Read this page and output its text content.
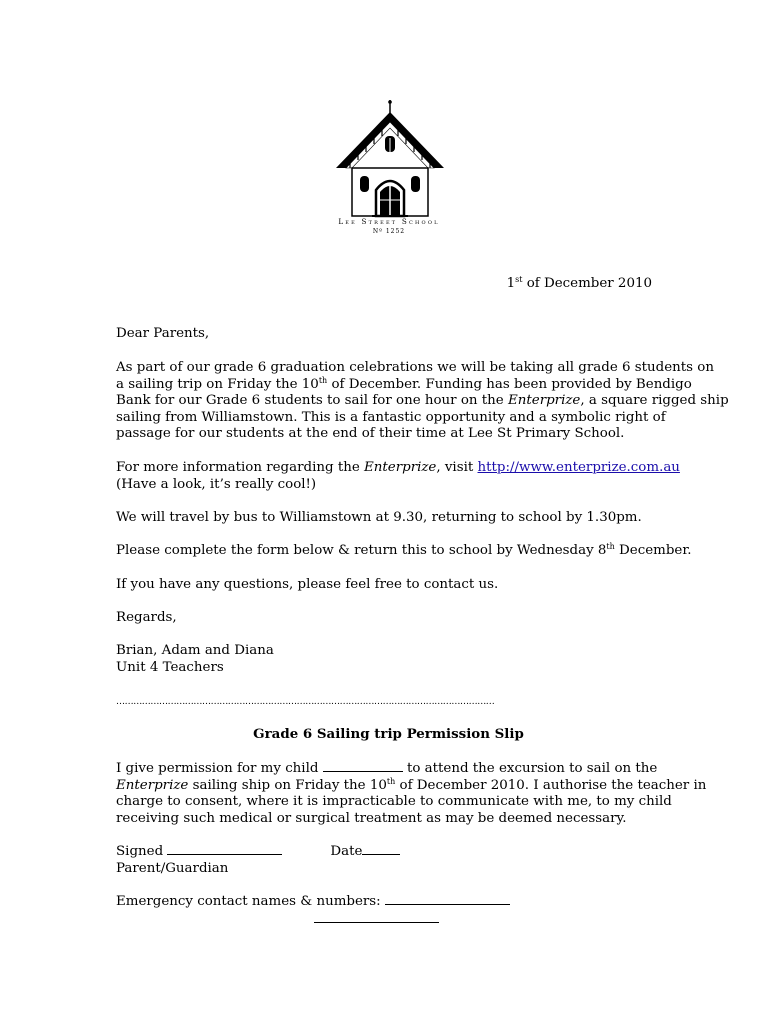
Lee Street School
Nº 1252
1st of December 2010

Dear Parents,

As part of our grade 6 graduation celebrations we will be taking all grade 6 students on

a sailing trip on Friday the 10th of December. Funding has been provided by Bendigo

Bank for our Grade 6 students to sail for one hour on the Enterprize, a square rigged ship

sailing from Williamstown. This is a fantastic opportunity and a symbolic right of

passage for our students at the end of their time at Lee St Primary School.

For more information regarding the Enterprize, visit http://www.enterprize.com.au

(Have a look, it’s really cool!)

We will travel by bus to Williamstown at 9.30, returning to school by 1.30pm.

Please complete the form below & return this to school by Wednesday 8th December.

If you have any questions, please feel free to contact us.

Regards,

Brian, Adam and Diana

Unit 4 Teachers

……………………………………………………………………………………………………………………

Grade 6 Sailing trip Permission Slip

I give permission for my child	to attend the excursion to sail on the

Enterprize sailing ship on Friday the 10th of December 2010. I authorise the teacher in

charge to consent, where it is impracticable to communicate with me, to my child

receiving such medical or surgical treatment as may be deemed necessary.

Signed	Date

Parent/Guardian

Emergency contact names & numbers:
